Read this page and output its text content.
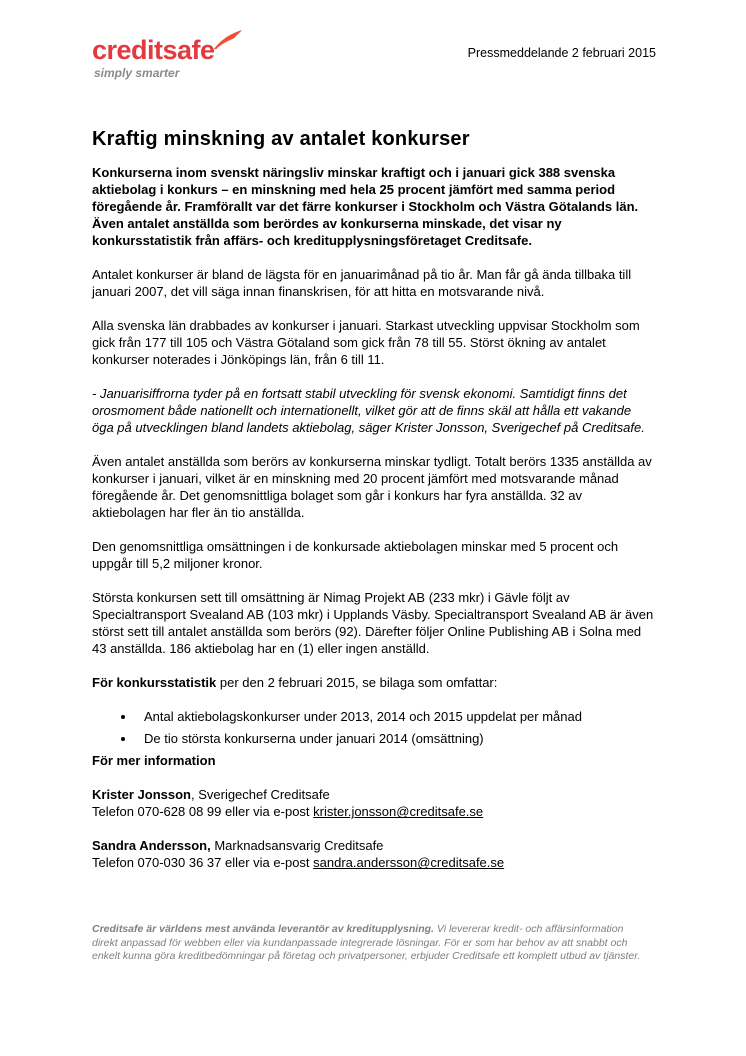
creditsafe
simply smarter
Pressmeddelande 2 februari 2015
Kraftig minskning av antalet konkurser

Konkurserna inom svenskt näringsliv minskar kraftigt och i januari gick 388 svenska aktiebolag i konkurs – en minskning med hela 25 procent jämfört med samma period föregående år. Framförallt var det färre konkurser i Stockholm och Västra Götalands län. Även antalet anställda som berördes av konkurserna minskade, det visar ny konkursstatistik från affärs- och kreditupplysningsföretaget Creditsafe.

Antalet konkurser är bland de lägsta för en januarimånad på tio år. Man får gå ända tillbaka till januari 2007, det vill säga innan finanskrisen, för att hitta en motsvarande nivå.

Alla svenska län drabbades av konkurser i januari. Starkast utveckling uppvisar Stockholm som gick från 177 till 105 och Västra Götaland som gick från 78 till 55. Störst ökning av antalet konkurser noterades i Jönköpings län, från 6 till 11.

- Januarisiffrorna tyder på en fortsatt stabil utveckling för svensk ekonomi. Samtidigt finns det orosmoment både nationellt och internationellt, vilket gör att de finns skäl att hålla ett vakande öga på utvecklingen bland landets aktiebolag, säger Krister Jonsson, Sverigechef på Creditsafe.

Även antalet anställda som berörs av konkurserna minskar tydligt. Totalt berörs 1335 anställda av konkurser i januari, vilket är en minskning med 20 procent jämfört med motsvarande månad föregående år. Det genomsnittliga bolaget som går i konkurs har fyra anställda. 32 av aktiebolagen har fler än tio anställda.

Den genomsnittliga omsättningen i de konkursade aktiebolagen minskar med 5 procent och uppgår till 5,2 miljoner kronor.

Största konkursen sett till omsättning är Nimag Projekt AB (233 mkr) i Gävle följt av Specialtransport Svealand AB (103 mkr) i Upplands Väsby. Specialtransport Svealand AB är även störst sett till antalet anställda som berörs (92). Därefter följer Online Publishing AB i Solna med 43 anställda. 186 aktiebolag har en (1) eller ingen anställd.

För konkursstatistik per den 2 februari 2015, se bilaga som omfattar:

• Antal aktiebolagskonkurser under 2013, 2014 och 2015 uppdelat per månad
• De tio största konkurserna under januari 2014 (omsättning)

För mer information

Krister Jonsson, Sverigechef Creditsafe
Telefon 070-628 08 99 eller via e-post krister.jonsson@creditsafe.se
Sandra Andersson, Marknadsansvarig Creditsafe
Telefon 070-030 36 37 eller via e-post sandra.andersson@creditsafe.se
Creditsafe är världens mest använda leverantör av kreditupplysning. Vi levererar kredit- och affärsinformation direkt anpassad för webben eller via kundanpassade integrerade lösningar. För er som har behov av att snabbt och enkelt kunna göra kreditbedömningar på företag och privatpersoner, erbjuder Creditsafe ett komplett utbud av tjänster.
